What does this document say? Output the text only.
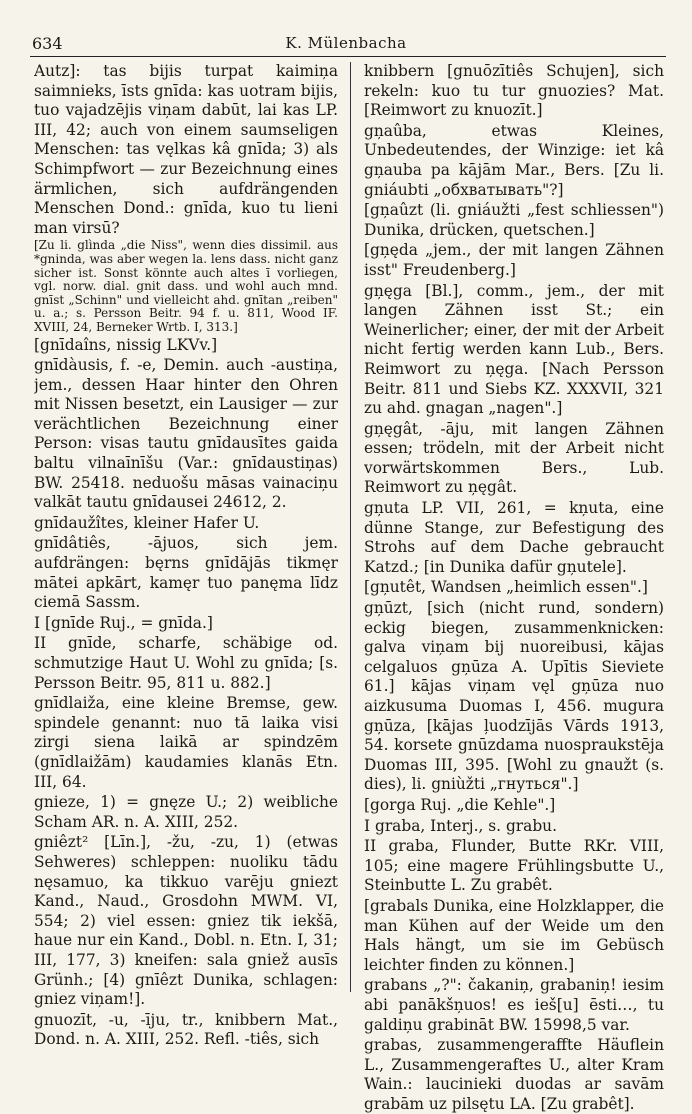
634	K. Mülenbacha

Autz]: tas bijis turpat kaimiņa saimnieks, īsts gnīda: kas uotram bijis, tuo vajadzējis viņam dabūt, lai kas LP. III, 42; auch von einem saumseligen Menschen: tas vęlkas kâ gnīda; 3) als Schimpfwort — zur Bezeichnung eines ärmlichen, sich aufdrängenden Menschen Dond.: gnīda, kuo tu lieni man virsū?

[Zu li. glìnda „die Niss", wenn dies dissimil. aus *gninda, was aber wegen la. lens dass. nicht ganz sicher ist. Sonst könnte auch altes ī vorliegen, vgl. norw. dial. gnit dass. und wohl auch mnd. gnīst „Schinn" und vielleicht ahd. gnītan „reiben" u. a.; s. Persson Beitr. 94 f. u. 811, Wood IF. XVIII, 24, Berneker Wrtb. I, 313.]

[gnīdaîns, nissig LKVv.]

gnīdàusis, f. -e, Demin. auch -austiņa, jem., dessen Haar hinter den Ohren mit Nissen besetzt, ein Lausiger — zur verächtlichen Bezeichnung einer Person: visas tautu gnīdausītes gaida baltu vilnaīnīšu (Var.: gnīdaustiņas) BW. 25418. neduošu māsas vainaciņu valkāt tautu gnīdausei 24612, 2.

gnīdaužîtes, kleiner Hafer U.

gnīdâtiês, -ājuos, sich jem. aufdrängen: bęrns gnīdājās tikmęr mātei apkārt, kamęr tuo panęma līdz ciemā Sassm.

I [gnīde Ruj., = gnīda.]

II gnīde, scharfe, schäbige od. schmutzige Haut U. Wohl zu gnīda; [s. Persson Beitr. 95, 811 u. 882.]

gnīdlaiža, eine kleine Bremse, gew. spindele genannt: nuo tā laika visi zirgi siena laikā ar spindzēm (gnīdlaižām) kaudamies klanās Etn. III, 64.

gnieze, 1) = gnęze U.; 2) weibliche Scham AR. n. A. XIII, 252.

gniêzt² [Līn.], -žu, -zu, 1) (etwas Sehweres) schleppen: nuoliku tādu nęsamuo, ka tikkuo varēju gniezt Kand., Naud., Grosdohn MWM. VI, 554; 2) viel essen: gniez tik iekšā, haue nur ein Kand., Dobl. n. Etn. I, 31; III, 177, 3) kneifen: sala gniež ausīs Grünh.; [4) gnīêzt Dunika, schlagen: gniez viņam!].

gnuozīt, -u, -īju, tr., knibbern Mat., Dond. n. A. XIII, 252. Refl. -tiês, sich

knibbern [gnuōzītiês Schujen], sich rekeln: kuo tu tur gnuozies? Mat. [Reimwort zu knuozīt.]

gņaûba, etwas Kleines, Unbedeutendes, der Winzige: iet kâ gņauba pa kājām Mar., Bers. [Zu li. gniáubti „обхватывать"?]

[gņaûzt (li. gniáužti „fest schliessen") Dunika, drücken, quetschen.]

[gņęda „jem., der mit langen Zähnen isst" Freudenberg.]

gņęga [Bl.], comm., jem., der mit langen Zähnen isst St.; ein Weinerlicher; einer, der mit der Arbeit nicht fertig werden kann Lub., Bers. Reimwort zu ņęga. [Nach Persson Beitr. 811 und Siebs KZ. XXXVII, 321 zu ahd. gnagan „nagen".]

gņęgât, -āju, mit langen Zähnen essen; trödeln, mit der Arbeit nicht vorwärtskommen Bers., Lub. Reimwort zu ņęgât.

gņuta LP. VII, 261, = kņuta, eine dünne Stange, zur Befestigung des Strohs auf dem Dache gebraucht Katzd.; [in Dunika dafür gņutele].

[gņutêt, Wandsen „heimlich essen".]

gņūzt, [sich (nicht rund, sondern) eckig biegen, zusammenknicken: galva viņam bij nuoreibusi, kājas celgaluos gņūza A. Upītis Sieviete 61.] kājas viņam vęl gņūza nuo aizkusuma Duomas I, 456. mugura gņūza, [kājas ļuodzījās Vārds 1913, 54. korsete gnūzdama nuospraukstēja Duomas III, 395. [Wohl zu gnaužt (s. dies), li. gniùžti „гнуться".]

[gorga Ruj. „die Kehle".]

I graba, Interj., s. grabu.

II graba, Flunder, Butte RKr. VIII, 105; eine magere Frühlingsbutte U., Steinbutte L. Zu grabêt.

[grabals Dunika, eine Holzklapper, die man Kühen auf der Weide um den Hals hängt, um sie im Gebüsch leichter finden zu können.]

grabans „?": čakaniņ, grabaniņ! iesim abi panākšņuos! es ieš[u] ēsti…, tu galdiņu grabināt BW. 15998,5 var.

grabas, zusammengeraffte Häuflein L., Zusammengeraftes U., alter Kram Wain.: laucinieki duodas ar savām grabām uz pilsętu LA. [Zu grabêt].
